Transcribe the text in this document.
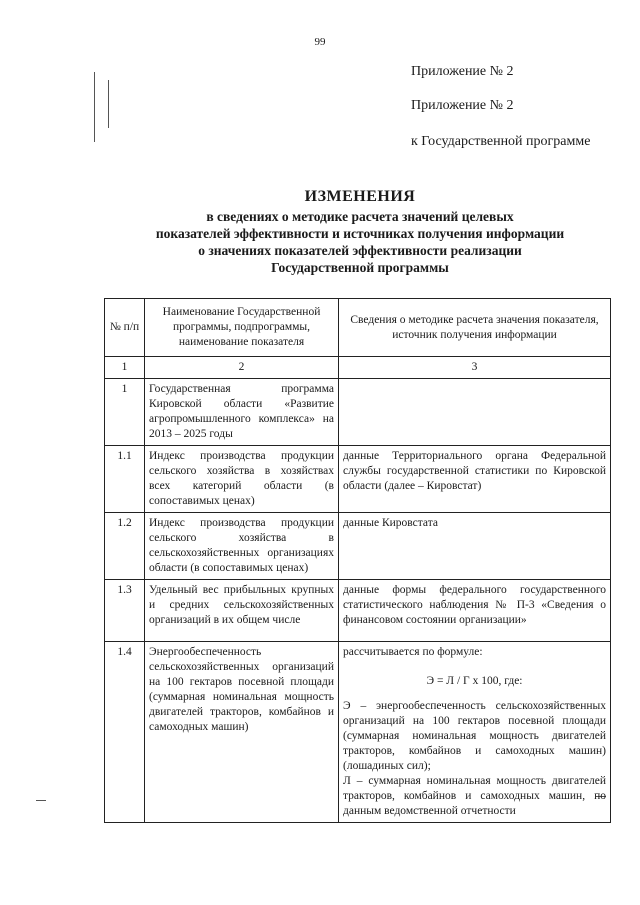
99
Приложение № 2
Приложение № 2
к Государственной программе
ИЗМЕНЕНИЯ
в сведениях о методике расчета значений целевых
показателей эффективности и источниках получения информации
о значениях показателей эффективности реализации
Государственной программы
№ п/п	Наименование Государственной программы, подпрограммы, наименование показателя	Сведения о методике расчета значения показателя, источник получения информации
1	2	3
1	Государственная программа Кировской области «Развитие агропромышленного комплекса» на 2013 – 2025 годы	
1.1	Индекс производства продукции сельского хозяйства в хозяйствах всех категорий области (в сопоставимых ценах)	данные Территориального органа Федеральной службы государственной статистики по Кировской области (далее – Кировстат)
1.2	Индекс производства продукции сельского хозяйства в сельскохозяйственных организациях области (в сопоставимых ценах)	данные Кировстата
1.3	Удельный вес прибыльных крупных и средних сельскохозяйственных организаций в их общем числе	данные формы федерального государственного статистического наблюдения № П-3 «Сведения о финансовом состоянии организации»
1.4	Энергообеспеченность сельскохозяйственных организаций на 100 гектаров посевной площади (суммарная номинальная мощность двигателей тракторов, комбайнов и самоходных машин)	рассчитывается по формуле:
Э = Л / Г х 100, где:
Э – энергообеспеченность сельскохозяйственных организаций на 100 гектаров посевной площади (суммарная номинальная мощность двигателей тракторов, комбайнов и самоходных машин) (лошадиных сил);
Л – суммарная номинальная мощность двигателей тракторов, комбайнов и самоходных машин, по данным ведомственной отчетности
